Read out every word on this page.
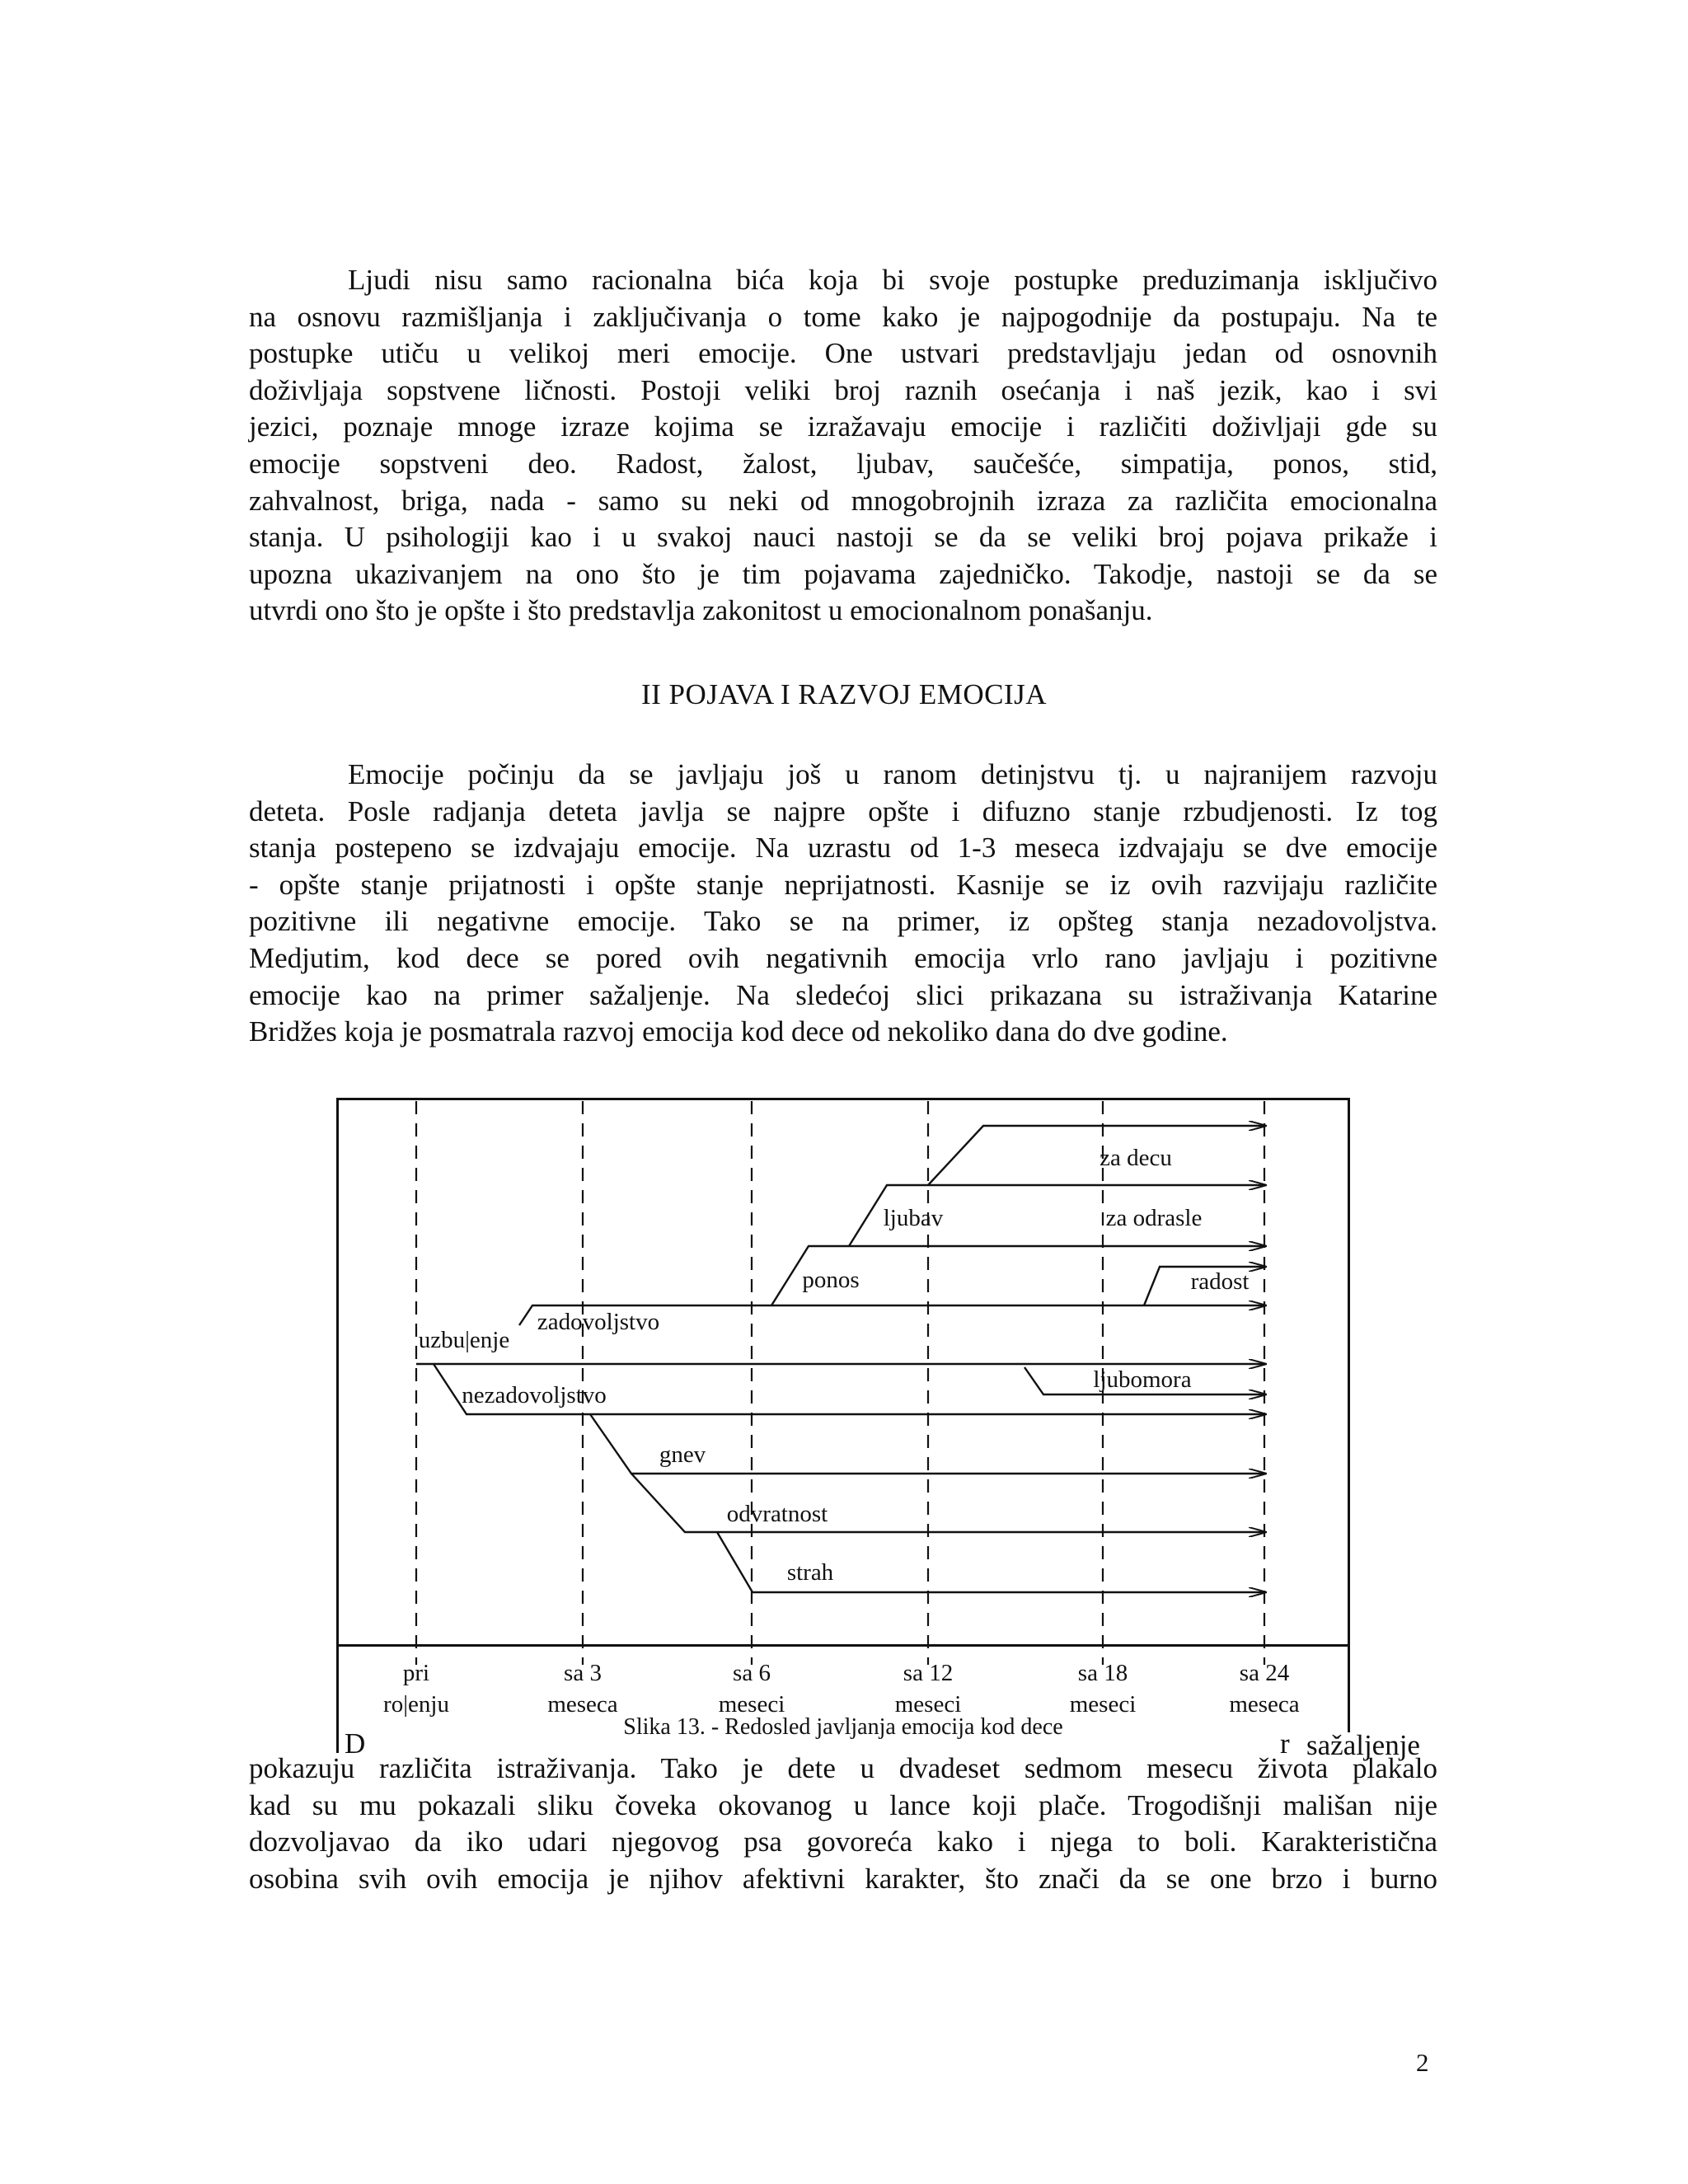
Ljudi nisu samo racionalna bića koja bi svoje postupke preduzimanja isključivo
na osnovu razmišljanja i zaključivanja o tome kako je najpogodnije da postupaju. Na te
postupke utiču u velikoj meri emocije. One ustvari predstavljaju jedan od osnovnih
doživljaja sopstvene ličnosti. Postoji veliki broj raznih osećanja i naš jezik, kao i svi
jezici, poznaje mnoge izraze kojima se izražavaju emocije i različiti doživljaji gde su
emocije sopstveni deo. Radost, žalost, ljubav, saučešće, simpatija, ponos, stid,
zahvalnost, briga, nada - samo su neki od mnogobrojnih izraza za različita emocionalna
stanja. U psihologiji kao i u svakoj nauci nastoji se da se veliki broj pojava prikaže i
upozna ukazivanjem na ono što je tim pojavama zajedničko. Takodje, nastoji se da se
utvrdi ono što je opšte i što predstavlja zakonitost u emocionalnom ponašanju.
II POJAVA I RAZVOJ EMOCIJA
Emocije počinju da se javljaju još u ranom detinjstvu tj. u najranijem razvoju
deteta. Posle radjanja deteta javlja se najpre opšte i difuzno stanje rzbudjenosti. Iz tog
stanja postepeno se izdvajaju emocije. Na uzrastu od 1-3 meseca izdvajaju se dve emocije
- opšte stanje prijatnosti i opšte stanje neprijatnosti. Kasnije se iz ovih razvijaju različite
pozitivne ili negativne emocije. Tako se na primer, iz opšteg stanja nezadovoljstva.
Medjutim, kod dece se pored ovih negativnih emocija vrlo rano javljaju i pozitivne
emocije kao na primer sažaljenje. Na sledećoj slici prikazana su istraživanja Katarine
Bridžes koja je posmatrala razvoj emocija kod dece od nekoliko dana do dve godine.
za decu
ljubav	za odrasle
ponos	radost
zadovoljstvo
uzbu|enje
ljubomora
nezadovoljstvo
gnev
odvratnost
strah
pri
ro|enju
sa 3
meseca
sa 6
meseci
sa 12
meseci
sa 18
meseci
sa 24
meseca
Slika 13. - Redosled javljanja emocija kod dece
D	r sažaljenje
pokazuju različita istraživanja. Tako je dete u dvadeset sedmom mesecu života plakalo
kad su mu pokazali sliku čoveka okovanog u lance koji plače. Trogodišnji mališan nije
dozvoljavao da iko udari njegovog psa govoreća kako i njega to boli. Karakteristična
osobina svih ovih emocija je njihov afektivni karakter, što znači da se one brzo i burno
2
